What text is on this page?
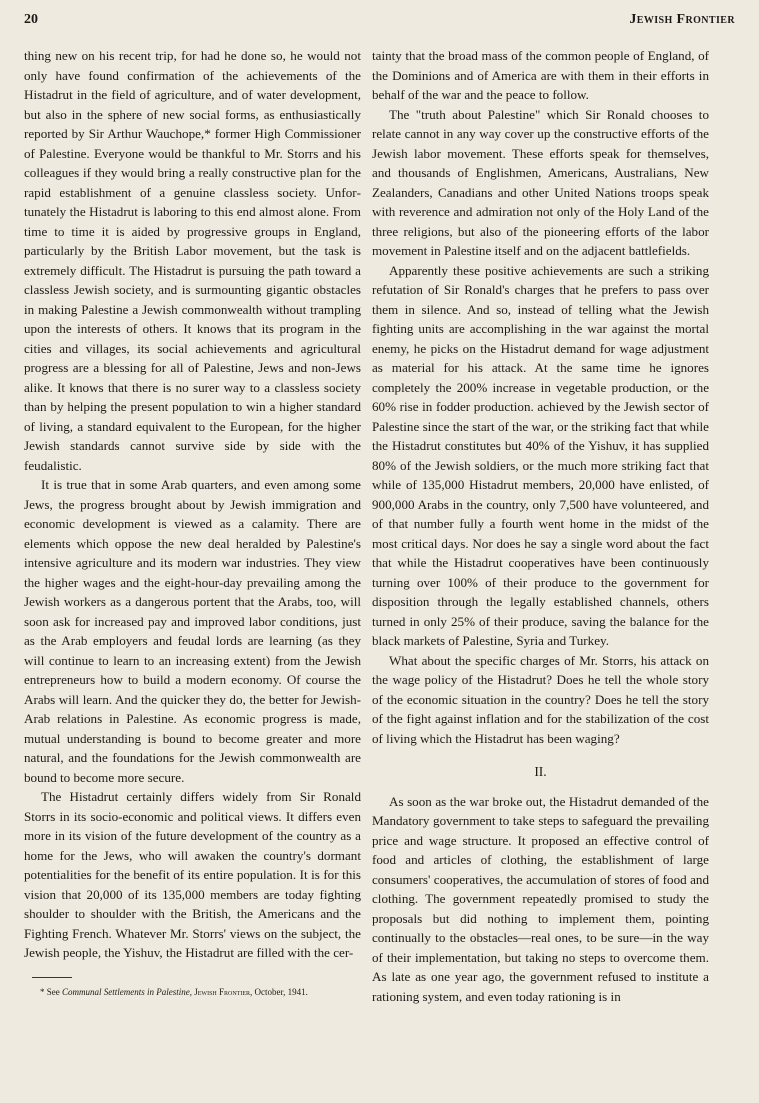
20	Jewish Frontier

thing new on his recent trip, for had he done so, he would not only have found confirmation of the achievements of the Histadrut in the field of agriculture, and of water development, but also in the sphere of new social forms, as enthusiastically reported by Sir Arthur Wauchope,* former High Commissioner of Palestine. Everyone would be thankful to Mr. Storrs and his colleagues if they would bring a really constructive plan for the rapid establishment of a genuine classless society. Unfortunately the Histadrut is laboring to this end almost alone. From time to time it is aided by progressive groups in England, particularly by the British Labor movement, but the task is extremely difficult. The Histadrut is pursuing the path toward a classless Jewish society, and is surmounting gigantic obstacles in making Palestine a Jewish commonwealth without trampling upon the interests of others. It knows that its program in the cities and villages, its social achievements and agricultural progress are a blessing for all of Palestine, Jews and non-Jews alike. It knows that there is no surer way to a classless society than by helping the present population to win a higher standard of living, a standard equivalent to the European, for the higher Jewish standards cannot survive side by side with the feudalistic.

It is true that in some Arab quarters, and even among some Jews, the progress brought about by Jewish immigration and economic development is viewed as a calamity. There are elements which oppose the new deal heralded by Palestine's intensive agriculture and its modern war industries. They view the higher wages and the eight-hour-day prevailing among the Jewish workers as a dangerous portent that the Arabs, too, will soon ask for increased pay and improved labor conditions, just as the Arab employers and feudal lords are learning (as they will continue to learn to an increasing extent) from the Jewish entrepreneurs how to build a modern economy. Of course the Arabs will learn. And the quicker they do, the better for Jewish-Arab relations in Palestine. As economic progress is made, mutual understanding is bound to become greater and more natural, and the foundations for the Jewish commonwealth are bound to become more secure.

The Histadrut certainly differs widely from Sir Ronald Storrs in its socio-economic and political views. It differs even more in its vision of the future development of the country as a home for the Jews, who will awaken the country's dormant potentialities for the benefit of its entire population. It is for this vision that 20,000 of its 135,000 members are today fighting shoulder to shoulder with the British, the Americans and the Fighting French. Whatever Mr. Storrs' views on the subject, the Jewish people, the Yishuv, the Histadrut are filled with the cer-

* See Communal Settlements in Palestine, Jewish Frontier, October, 1941.

tainty that the broad mass of the common people of England, of the Dominions and of America are with them in their efforts in behalf of the war and the peace to follow.

The "truth about Palestine" which Sir Ronald chooses to relate cannot in any way cover up the constructive efforts of the Jewish labor movement. These efforts speak for themselves, and thousands of Englishmen, Americans, Australians, New Zealanders, Canadians and other United Nations troops speak with reverence and admiration not only of the Holy Land of the three religions, but also of the pioneering efforts of the labor movement in Palestine itself and on the adjacent battlefields.

Apparently these positive achievements are such a striking refutation of Sir Ronald's charges that he prefers to pass over them in silence. And so, instead of telling what the Jewish fighting units are accomplishing in the war against the mortal enemy, he picks on the Histadrut demand for wage adjustment as material for his attack. At the same time he ignores completely the 200% increase in vegetable production, or the 60% rise in fodder production. achieved by the Jewish sector of Palestine since the start of the war, or the striking fact that while the Histadrut constitutes but 40% of the Yishuv, it has supplied 80% of the Jewish soldiers, or the much more striking fact that while of 135,000 Histadrut members, 20,000 have enlisted, of 900,000 Arabs in the country, only 7,500 have volunteered, and of that number fully a fourth went home in the midst of the most critical days. Nor does he say a single word about the fact that while the Histadrut cooperatives have been continuously turning over 100% of their produce to the government for disposition through the legally established channels, others turned in only 25% of their produce, saving the balance for the black markets of Palestine, Syria and Turkey.

What about the specific charges of Mr. Storrs, his attack on the wage policy of the Histadrut? Does he tell the whole story of the economic situation in the country? Does he tell the story of the fight against inflation and for the stabilization of the cost of living which the Histadrut has been waging?

II.

As soon as the war broke out, the Histadrut demanded of the Mandatory government to take steps to safeguard the prevailing price and wage structure. It proposed an effective control of food and articles of clothing, the establishment of large consumers' cooperatives, the accumulation of stores of food and clothing. The government repeatedly promised to study the proposals but did nothing to implement them, pointing continually to the obstacles—real ones, to be sure—in the way of their implementation, but taking no steps to overcome them. As late as one year ago, the government refused to institute a rationing system, and even today rationing is in
